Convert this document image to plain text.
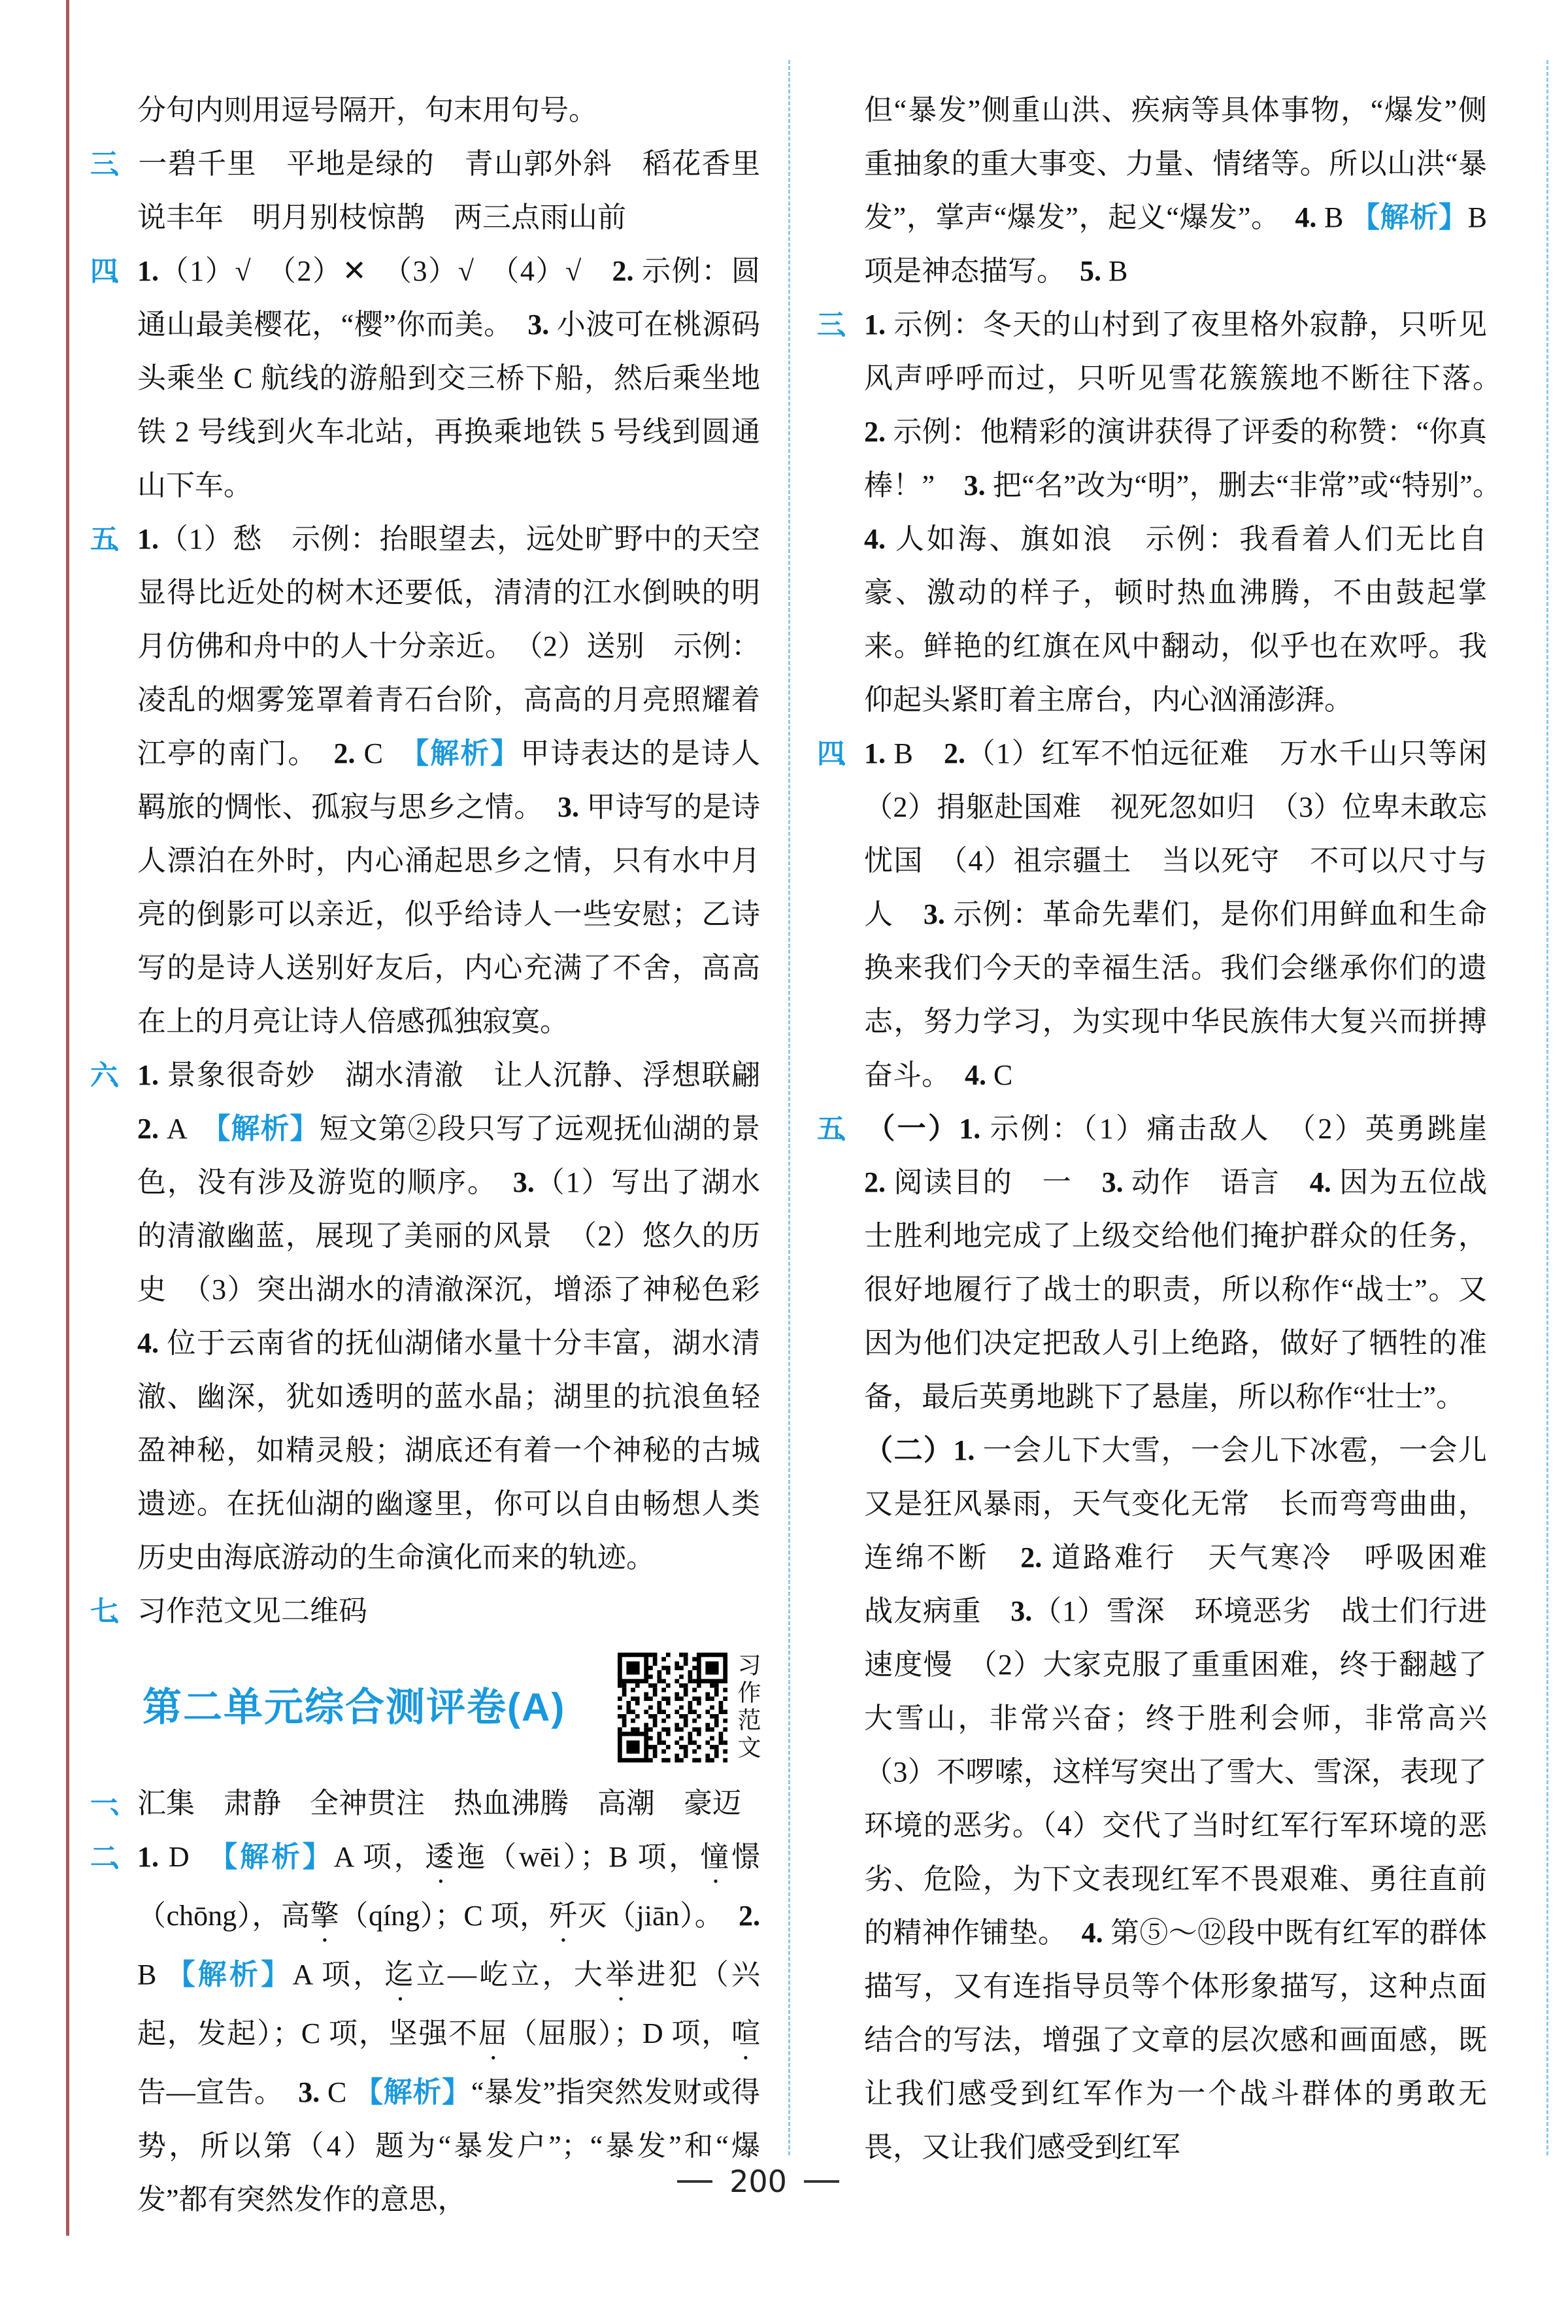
分句内则用逗号隔开，句末用句号。

三、 一碧千里　平地是绿的　青山郭外斜　稻花香里说丰年　明月别枝惊鹊　两三点雨山前

四、 1.（1）√　（2）✕　（3）√　（4）√　2. 示例：圆通山最美樱花，“樱”你而美。　3. 小波可在桃源码头乘坐 C 航线的游船到交三桥下船，然后乘坐地铁 2 号线到火车北站，再换乘地铁 5 号线到圆通山下车。

五、 1.（1）愁　示例：抬眼望去，远处旷野中的天空显得比近处的树木还要低，清清的江水倒映的明月仿佛和舟中的人十分亲近。　（2）送别　示例：凌乱的烟雾笼罩着青石台阶，高高的月亮照耀着江亭的南门。　2. C　【解析】甲诗表达的是诗人羁旅的惆怅、孤寂与思乡之情。　3. 甲诗写的是诗人漂泊在外时，内心涌起思乡之情，只有水中月亮的倒影可以亲近，似乎给诗人一些安慰；乙诗写的是诗人送别好友后，内心充满了不舍，高高在上的月亮让诗人倍感孤独寂寞。

六、 1. 景象很奇妙　湖水清澈　让人沉静、浮想联翩　2. A　【解析】短文第②段只写了远观抚仙湖的景色，没有涉及游览的顺序。　3.（1）写出了湖水的清澈幽蓝，展现了美丽的风景　（2）悠久的历史　（3）突出湖水的清澈深沉，增添了神秘色彩　4. 位于云南省的抚仙湖储水量十分丰富，湖水清澈、幽深，犹如透明的蓝水晶；湖里的抗浪鱼轻盈神秘，如精灵般；湖底还有着一个神秘的古城遗迹。在抚仙湖的幽邃里，你可以自由畅想人类历史由海底游动的生命演化而来的轨迹。

七、 习作范文见二维码

第二单元综合测评卷(A)	习作范文

一、 汇集　肃静　全神贯注　热血沸腾　高潮　豪迈

二、 1. D　【解析】A 项，逶迤（wēi）；B 项，憧憬（chōng），高擎（qíng）；C 项，歼灭（jiān）。　2. B 【解析】A 项，迄立—屹立，大举进犯（兴起，发起）；C 项，坚强不屈（屈服）；D 项，喧告—宣告。　3. C 【解析】“暴发”指突然发财或得势，所以第（4）题为“暴发户”；“暴发”和“爆发”都有突然发作的意思，

但“暴发”侧重山洪、疾病等具体事物，“爆发”侧重抽象的重大事变、力量、情绪等。所以山洪“暴发”，掌声“爆发”，起义“爆发”。　4. B 【解析】B 项是神态描写。　5. B

三、 1. 示例：冬天的山村到了夜里格外寂静，只听见风声呼呼而过，只听见雪花簇簇地不断往下落。　2. 示例：他精彩的演讲获得了评委的称赞：“你真棒！”　3. 把“名”改为“明”，删去“非常”或“特别”。　4. 人如海、旗如浪　示例：我看着人们无比自豪、激动的样子，顿时热血沸腾，不由鼓起掌来。鲜艳的红旗在风中翻动，似乎也在欢呼。我仰起头紧盯着主席台，内心汹涌澎湃。

四、 1. B　2.（1）红军不怕远征难　万水千山只等闲　（2）捐躯赴国难　视死忽如归　（3）位卑未敢忘忧国　（4）祖宗疆土　当以死守　不可以尺寸与人　3. 示例：革命先辈们，是你们用鲜血和生命换来我们今天的幸福生活。我们会继承你们的遗志，努力学习，为实现中华民族伟大复兴而拼搏奋斗。　4. C

五、 （一）1. 示例：（1）痛击敌人　（2）英勇跳崖　2. 阅读目的　一　3. 动作　语言　4. 因为五位战士胜利地完成了上级交给他们掩护群众的任务，很好地履行了战士的职责，所以称作“战士”。又因为他们决定把敌人引上绝路，做好了牺牲的准备，最后英勇地跳下了悬崖，所以称作“壮士”。

（二）1. 一会儿下大雪，一会儿下冰雹，一会儿又是狂风暴雨，天气变化无常　长而弯弯曲曲，连绵不断　2. 道路难行　天气寒冷　呼吸困难　战友病重　3.（1）雪深　环境恶劣　战士们行进速度慢　（2）大家克服了重重困难，终于翻越了大雪山，非常兴奋；终于胜利会师，非常高兴　（3）不啰嗦，这样写突出了雪大、雪深，表现了环境的恶劣。（4）交代了当时红军行军环境的恶劣、危险，为下文表现红军不畏艰难、勇往直前的精神作铺垫。　4. 第⑤～⑫段中既有红军的群体描写，又有连指导员等个体形象描写，这种点面结合的写法，增强了文章的层次感和画面感，既让我们感受到红军作为一个战斗群体的勇敢无畏，又让我们感受到红军

200
